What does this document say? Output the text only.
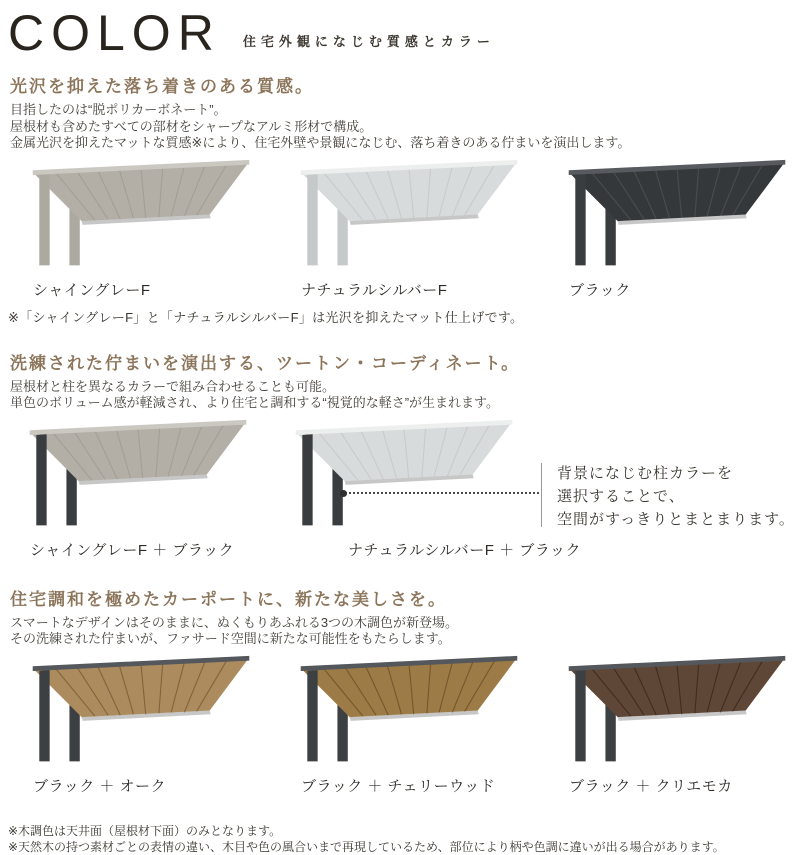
COLOR 住宅外観になじむ質感とカラー
光沢を抑えた落ち着きのある質感。

目指したのは“脱ポリカーボネート”。

屋根材も含めたすべての部材をシャープなアルミ形材で構成。

金属光沢を抑えたマットな質感※により、住宅外壁や景観になじむ、落ち着きのある佇まいを演出します。

シャイングレーF	ナチュラルシルバーF	ブラック

※「シャイングレーF」と「ナチュラルシルバーF」は光沢を抑えたマット仕上げです。

洗練された佇まいを演出する、ツートン・コーディネート。

屋根材と柱を異なるカラーで組み合わせることも可能。

単色のボリューム感が軽減され、より住宅と調和する“視覚的な軽さ”が生まれます。

シャイングレーF ＋ ブラック	ナチュラルシルバーF ＋ ブラック
背景になじむ柱カラーを
選択することで、
空間がすっきりとまとまります。
住宅調和を極めたカーポートに、新たな美しさを。

スマートなデザインはそのままに、ぬくもりあふれる3つの木調色が新登場。

その洗練された佇まいが、ファサード空間に新たな可能性をもたらします。

ブラック ＋ オーク	ブラック ＋ チェリーウッド	ブラック ＋ クリエモカ

※木調色は天井面（屋根材下面）のみとなります。

※天然木の持つ素材ごとの表情の違い、木目や色の風合いまで再現しているため、部位により柄や色調に違いが出る場合があります。
